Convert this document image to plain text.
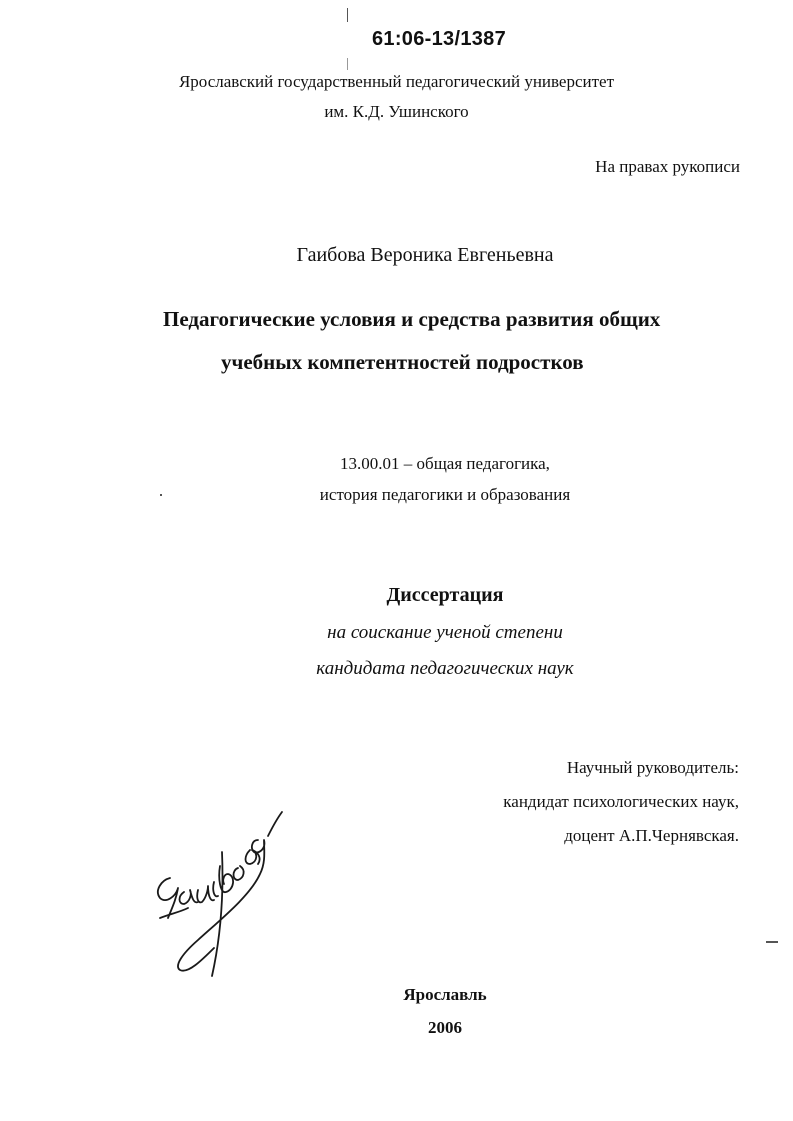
61:06-13/1387
Ярославский государственный педагогический университет
им. К.Д. Ушинского
На правах рукописи
Гаибова Вероника Евгеньевна
Педагогические условия и средства развития общих
учебных компетентностей подростков
13.00.01 – общая педагогика,
история педагогики и образования
Диссертация
на соискание ученой степени
кандидата педагогических наук
Научный руководитель:
кандидат психологических наук,
доцент А.П.Чернявская.
Ярославль
2006
